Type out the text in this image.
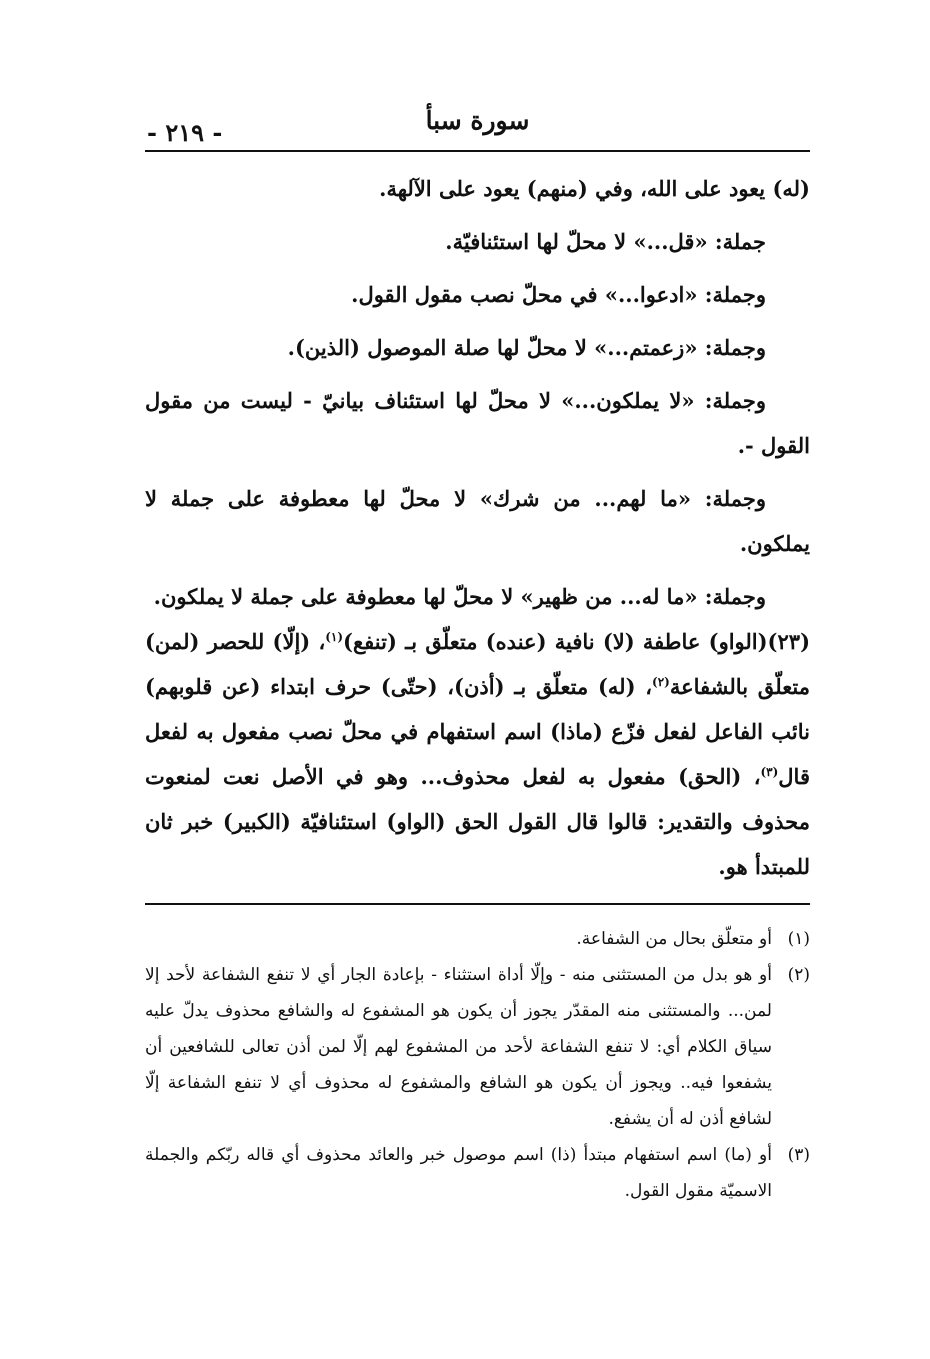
سورة سبأ
- ٢١٩ -
(له) يعود على الله، وفي (منهم) يعود على الآلهة.
جملة: «قل...» لا محلّ لها استئنافيّة.
وجملة: «ادعوا...» في محلّ نصب مقول القول.
وجملة: «زعمتم...» لا محلّ لها صلة الموصول (الذين).
وجملة: «لا يملكون...» لا محلّ لها استئناف بيانيّ - ليست من مقول القول -.
وجملة: «ما لهم... من شرك» لا محلّ لها معطوفة على جملة لا يملكون.
وجملة: «ما له... من ظهير» لا محلّ لها معطوفة على جملة لا يملكون.
(٢٣)(الواو) عاطفة (لا) نافية (عنده) متعلّق بـ (تنفع)$^{(١)}$، (إلّا) للحصر (لمن) متعلّق بالشفاعة$^{(٢)}$، (له) متعلّق بـ (أذن)، (حتّى) حرف ابتداء (عن قلوبهم) نائب الفاعل لفعل فزّع (ماذا) اسم استفهام في محلّ نصب مفعول به لفعل قال$^{(٣)}$، (الحق) مفعول به لفعل محذوف... وهو في الأصل نعت لمنعوت محذوف والتقدير: قالوا قال القول الحق (الواو) استئنافيّة (الكبير) خبر ثان للمبتدأ هو.
(١)
أو متعلّق بحال من الشفاعة.
(٢)
أو هو بدل من المستثنى منه - وإلّا أداة استثناء - بإعادة الجار أي لا تنفع الشفاعة لأحد إلا لمن... والمستثنى منه المقدّر يجوز أن يكون هو المشفوع له والشافع محذوف يدلّ عليه سياق الكلام أي: لا تنفع الشفاعة لأحد من المشفوع لهم إلّا لمن أذن تعالى للشافعين أن يشفعوا فيه.. ويجوز أن يكون هو الشافع والمشفوع له محذوف أي لا تنفع الشفاعة إلّا لشافع أذن له أن يشفع.
(٣)
أو (ما) اسم استفهام مبتدأ (ذا) اسم موصول خبر والعائد محذوف أي قاله ربّكم والجملة الاسميّة مقول القول.
